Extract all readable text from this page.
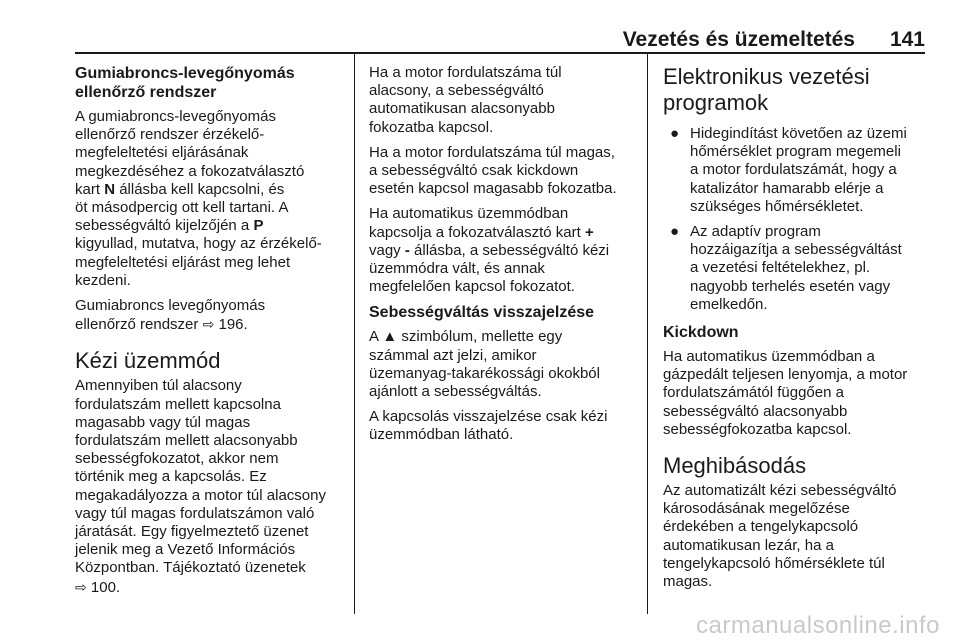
Vezetés és üzemeltetés 141
Gumiabroncs-levegőnyomás
ellenőrző rendszer

A gumiabroncs-levegőnyomás
ellenőrző rendszer érzékelő-
megfeleltetési eljárásának
megkezdéséhez a fokozatválasztó
kart N állásba kell kapcsolni, és
öt másodpercig ott kell tartani. A
sebességváltó kijelzőjén a P
kigyullad, mutatva, hogy az érzékelő-
megfeleltetési eljárást meg lehet
kezdeni.

Gumiabroncs levegőnyomás
ellenőrző rendszer ⇨ 196.

Kézi üzemmód

Amennyiben túl alacsony
fordulatszám mellett kapcsolna
magasabb vagy túl magas
fordulatszám mellett alacsonyabb
sebességfokozatot, akkor nem
történik meg a kapcsolás. Ez
megakadályozza a motor túl alacsony
vagy túl magas fordulatszámon való
járatását. Egy figyelmeztető üzenet
jelenik meg a Vezető Információs
Központban. Tájékoztató üzenetek
⇨ 100.

Ha a motor fordulatszáma túl
alacsony, a sebességváltó
automatikusan alacsonyabb
fokozatba kapcsol.

Ha a motor fordulatszáma túl magas,
a sebességváltó csak kickdown
esetén kapcsol magasabb fokozatba.

Ha automatikus üzemmódban
kapcsolja a fokozatválasztó kart +
vagy - állásba, a sebességváltó kézi
üzemmódra vált, és annak
megfelelően kapcsol fokozatot.

Sebességváltás visszajelzése

A ▲ szimbólum, mellette egy
számmal azt jelzi, amikor
üzemanyag-takarékossági okokból
ajánlott a sebességváltás.

A kapcsolás visszajelzése csak kézi
üzemmódban látható.

Elektronikus vezetési
programok
● Hidegindítást követően az üzemi
hőmérséklet program megemeli
a motor fordulatszámát, hogy a
katalizátor hamarabb elérje a
szükséges hőmérsékletet.
● Az adaptív program
hozzáigazítja a sebességváltást
a vezetési feltételekhez, pl.
nagyobb terhelés esetén vagy
emelkedőn.
Kickdown

Ha automatikus üzemmódban a
gázpedált teljesen lenyomja, a motor
fordulatszámától függően a
sebességváltó alacsonyabb
sebességfokozatba kapcsol.

Meghibásodás

Az automatizált kézi sebességváltó
károsodásának megelőzése
érdekében a tengelykapcsoló
automatikusan lezár, ha a
tengelykapcsoló hőmérséklete túl
magas.

carmanualsonline.info
